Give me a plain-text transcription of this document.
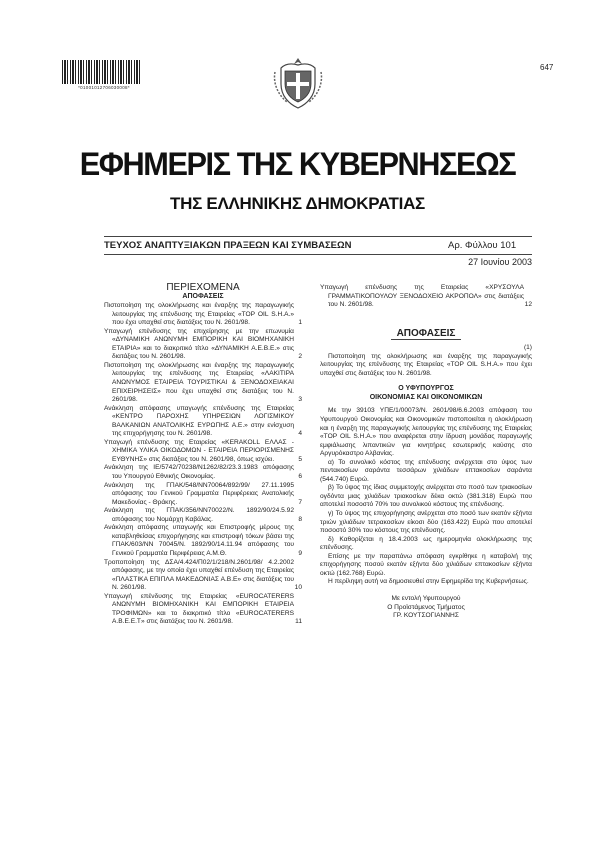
*01001012706030008*
647
ΕΦΗΜΕΡΙΣ ΤΗΣ ΚΥΒΕΡΝΗΣΕΩΣ
ΤΗΣ ΕΛΛΗΝΙΚΗΣ ΔΗΜΟΚΡΑΤΙΑΣ
ΤΕΥΧΟΣ ΑΝΑΠΤΥΞΙΑΚΩΝ ΠΡΑΞΕΩΝ ΚΑΙ ΣΥΜΒΑΣΕΩΝ	Αρ. Φύλλου 101
27 Ιουνίου 2003
ΠΕΡΙΕΧΟΜΕΝΑ
ΑΠΟΦΑΣΕΙΣ

Πιστοποίηση της ολοκλήρωσης και έναρξης της παραγωγικής λειτουργίας της επένδυσης της Εταιρείας «TOP OIL S.H.A.» που έχει υπαχθεί στις διατάξεις του Ν. 2601/98.	1

Υπαγωγή επένδυσης της επιχείρησης με την επωνυμία «ΔΥΝΑΜΙΚΗ ΑΝΩΝΥΜΗ ΕΜΠΟΡΙΚΗ ΚΑΙ ΒΙΟΜΗΧΑΝΙΚΗ ΕΤΑΙΡΙΑ» και το διακριτικό τίτλο «ΔΥΝΑΜΙΚΗ Α.Ε.Β.Ε.» στις διατάξεις του Ν. 2601/98.	2

Πιστοποίηση της ολοκλήρωσης και έναρξης της παραγωγικής λειτουργίας της επένδυσης της Εταιρείας «ΛΑΚΙΤΙΡΑ ΑΝΩΝΥΜΟΣ ΕΤΑΙΡΕΙΑ ΤΟΥΡΙΣΤΙΚΑΙ & ΞΕΝΟΔΟΧΕΙΑΚΑΙ ΕΠΙΧΕΙΡΗΣΕΙΣ» που έχει υπαχθεί στις διατάξεις του Ν. 2601/98.	3

Ανάκληση απόφασης υπαγωγής επένδυσης της Εταιρείας «ΚΕΝΤΡΟ ΠΑΡΟΧΗΣ ΥΠΗΡΕΣΙΩΝ ΛΟΓΙΣΜΙΚΟΥ ΒΑΛΚΑΝΙΩΝ ΑΝΑΤΟΛΙΚΗΣ ΕΥΡΩΠΗΣ Α.Ε.» στην ενίσχυση της επιχορήγησης του Ν. 2601/98.	4

Υπαγωγή επένδυσης της Εταιρείας «KERAKOLL ΕΛΛΑΣ - ΧΗΜΙΚΑ ΥΛΙΚΑ ΟΙΚΟΔΟΜΩΝ - ΕΤΑΙΡΕΙΑ ΠΕΡΙΟΡΙΣΜΕΝΗΣ ΕΥΘΥΝΗΣ» στις διατάξεις του Ν. 2601/98, όπως ισχύει.	5

Ανάκληση της ΙΕ/5742/70238/Ν1262/82/23.3.1983 απόφασης του Υπουργού Εθνικής Οικονομίας.	6

Ανάκληση της ΓΠΑΚ/548/ΝΝ70064/892/99/ 27.11.1995 απόφασης του Γενικού Γραμματέα Περιφέρειας Ανατολικής Μακεδονίας - Θράκης.	7

Ανάκληση της ΓΠΑΚ/356/ΝΝ70022/Ν. 1892/90/24.5.92 απόφασης του Νομάρχη Καβάλας.	8

Ανάκληση απόφασης υπαγωγής και Επιστροφής μέρους της καταβληθείσας επιχορήγησης και επιστροφή τόκων βάσει της ΓΠΑΚ/603/ΝΝ 70045/Ν. 1892/90/14.11.94 απόφασης του Γενικού Γραμματέα Περιφέρειας Α.Μ.Θ.	9

Τροποποίηση της ΔΣΑ/4.424/Π02/1/218/Ν.2601/98/ 4.2.2002 απόφασης, με την οποία έχει υπαχθεί επένδυση της Εταιρείας «ΠΛΑΣΤΙΚΑ ΕΠΙΠΛΑ ΜΑΚΕΔΟΝΙΑΣ Α.Β.Ε» στις διατάξεις του Ν. 2601/98.	10

Υπαγωγή επένδυσης της Εταιρείας «EUROCATERERS ΑΝΩΝΥΜΗ ΒΙΟΜΗΧΑΝΙΚΗ ΚΑΙ ΕΜΠΟΡΙΚΗ ΕΤΑΙΡΕΙΑ ΤΡΟΦΙΜΩΝ» και το διακριτικό τίτλο «EUROCATERERS Α.Β.Ε.Ε.Τ» στις διατάξεις του Ν. 2601/98.	11

Υπαγωγή επένδυσης της Εταιρείας «ΧΡΥΣΟΥΛΑ ΓΡΑΜΜΑΤΙΚΟΠΟΥΛΟΥ ΞΕΝΟΔΟΧΕΙΟ ΑΚΡΟΠΟΛ» στις διατάξεις του Ν. 2601/98.	12

ΑΠΟΦΑΣΕΙΣ
(1)

Πιστοποίηση της ολοκλήρωσης και έναρξης της παραγωγικής λειτουργίας της επένδυσης της Εταιρείας «TOP OIL S.H.A.» που έχει υπαχθεί στις διατάξεις του Ν. 2601/98.

Ο ΥΦΥΠΟΥΡΓΟΣ
ΟΙΚΟΝΟΜΙΑΣ ΚΑΙ ΟΙΚΟΝΟΜΙΚΩΝ

Με την 39103 ΥΠΕ/1/00073/Ν. 2601/98/6.6.2003 απόφαση του Υφυπουργού Οικονομίας και Οικονομικών πιστοποιείται η ολοκλήρωση και η έναρξη της παραγωγικής λειτουργίας της επένδυσης της Εταιρείας «TOP OIL S.H.A.» που αναφέρεται στην ίδρυση μονάδας παραγωγής εμφιάλωσης λιπαντικών για κινητήρες εσωτερικής καύσης στο Αργυρόκαστρο Αλβανίας.

α) Το συνολικό κόστος της επένδυσης ανέρχεται στο ύψος των πεντακοσίων σαράντα τεσσάρων χιλιάδων επτακοσίων σαράντα (544.740) Ευρώ.

β) Το ύψος της ίδιας συμμετοχής ανέρχεται στο ποσό των τριακοσίων ογδόντα μιας χιλιάδων τριακοσίων δέκα οκτώ (381.318) Ευρώ που αποτελεί ποσοστό 70% του συνολικού κόστους της επένδυσης.

γ) Το ύψος της επιχορήγησης ανέρχεται στο ποσό των εκατόν εξήντα τριών χιλιάδων τετρακοσίων είκοσι δύο (163.422) Ευρώ που αποτελεί ποσοστό 30% του κόστους της επένδυσης.

δ) Καθορίζεται η 18.4.2003 ως ημερομηνία ολοκλήρωσης της επένδυσης.

Επίσης με την παραπάνω απόφαση εγκρίθηκε η καταβολή της επιχορήγησης ποσού εκατόν εξήντα δύο χιλιάδων επτακοσίων εξήντα οκτώ (162.768) Ευρώ.

Η περίληψη αυτή να δημοσιευθεί στην Εφημερίδα της Κυβερνήσεως.

Με εντολή Υφυπουργού
Ο Προϊστάμενος Τμήματος
ΓΡ. ΚΟΥΤΣΟΓΙΑΝΝΗΣ
